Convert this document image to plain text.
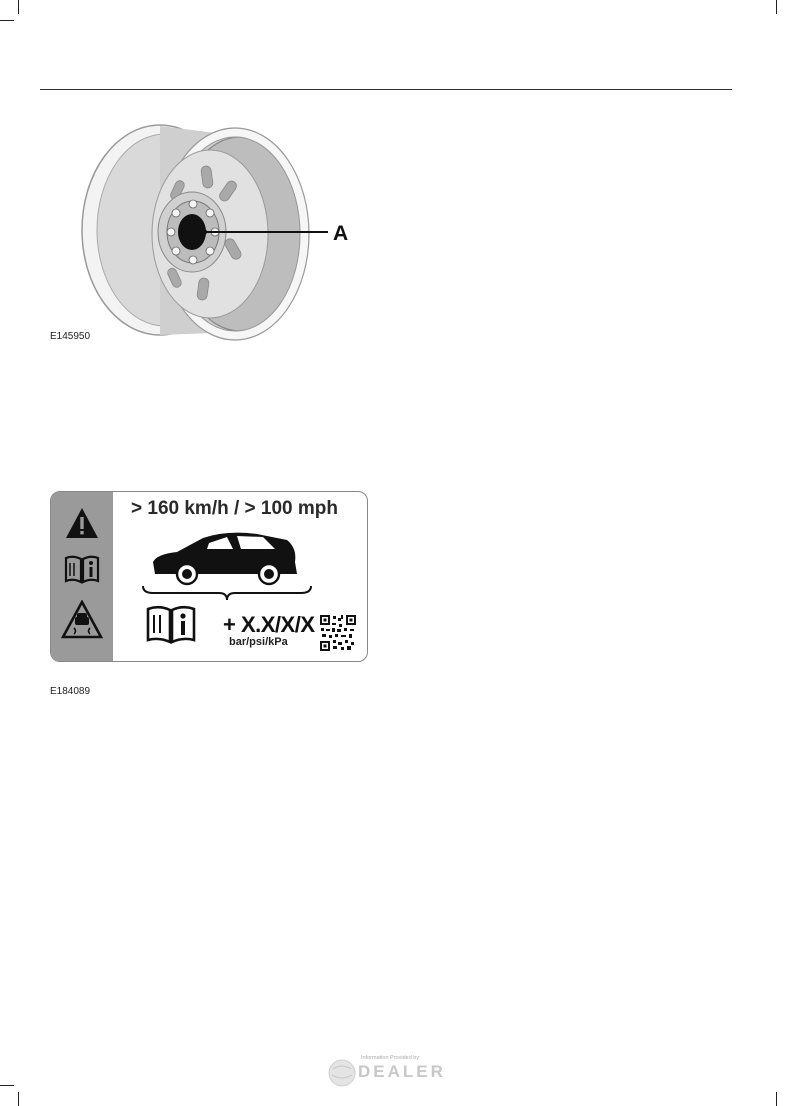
A
E145950
> 160 km/h / > 100 mph
+ X.X/X/X
bar/psi/kPa
E184089
Information Provided by:
DEALER
